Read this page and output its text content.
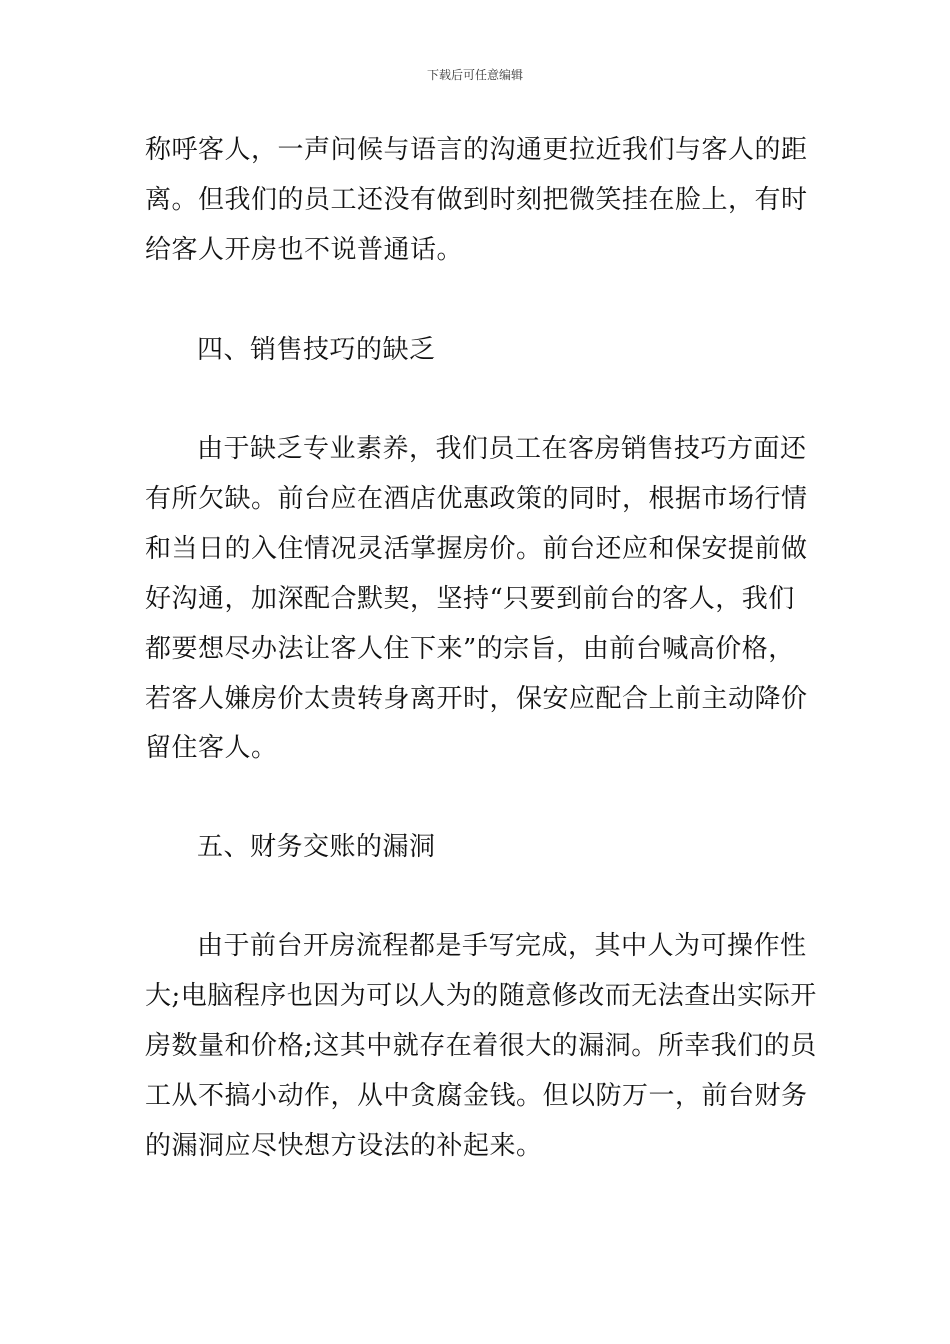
下载后可任意编辑
称呼客人，一声问候与语言的沟通更拉近我们与客人的距
离。但我们的员工还没有做到时刻把微笑挂在脸上，有时
给客人开房也不说普通话。
四、销售技巧的缺乏
由于缺乏专业素养，我们员工在客房销售技巧方面还
有所欠缺。前台应在酒店优惠政策的同时，根据市场行情
和当日的入住情况灵活掌握房价。前台还应和保安提前做
好沟通，加深配合默契，坚持“只要到前台的客人，我们
都要想尽办法让客人住下来”的宗旨，由前台喊高价格，
若客人嫌房价太贵转身离开时，保安应配合上前主动降价
留住客人。
五、财务交账的漏洞
由于前台开房流程都是手写完成，其中人为可操作性
大;电脑程序也因为可以人为的随意修改而无法查出实际开
房数量和价格;这其中就存在着很大的漏洞。所幸我们的员
工从不搞小动作，从中贪腐金钱。但以防万一，前台财务
的漏洞应尽快想方设法的补起来。
